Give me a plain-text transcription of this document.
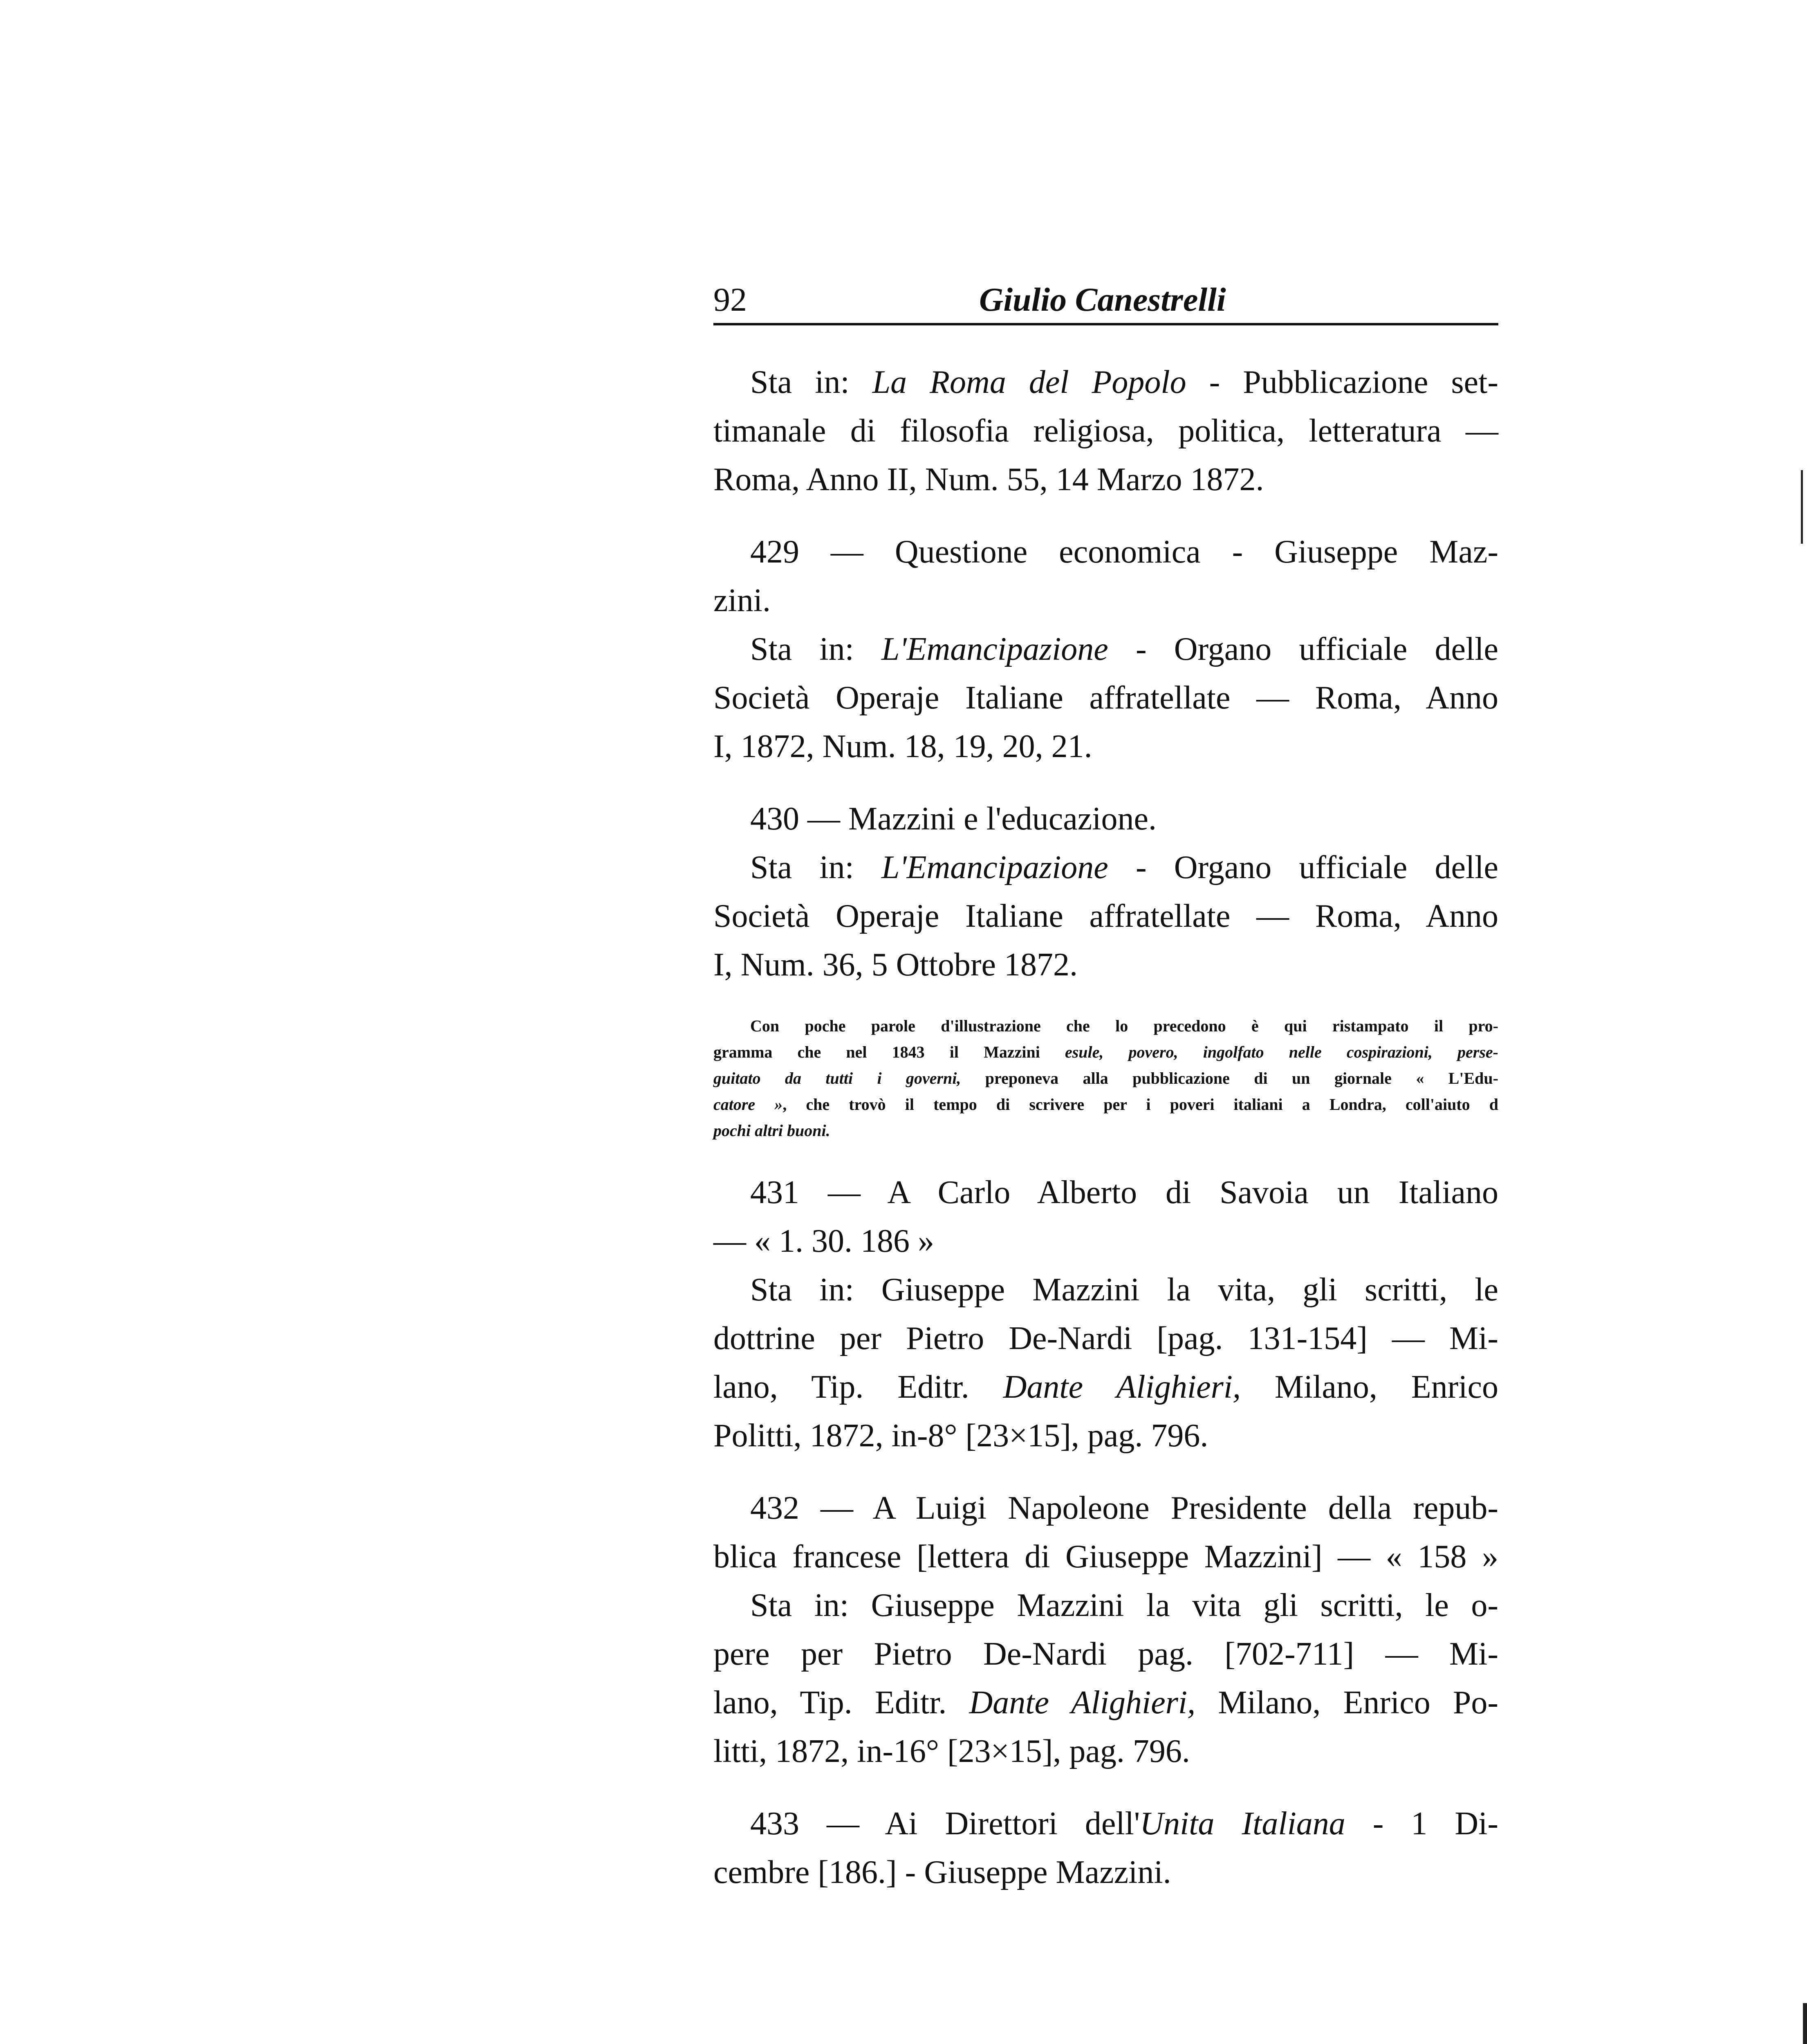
92	Giulio Canestrelli
Sta in: La Roma del Popolo - Pubblicazione set-
timanale di filosofia religiosa, politica, letteratura —
Roma, Anno II, Num. 55, 14 Marzo 1872.
429 — Questione economica - Giuseppe Maz-
zini.
Sta in: L'Emancipazione - Organo ufficiale delle
Società Operaje Italiane affratellate — Roma, Anno
I, 1872, Num. 18, 19, 20, 21.
430 — Mazzini e l'educazione.
Sta in: L'Emancipazione - Organo ufficiale delle
Società Operaje Italiane affratellate — Roma, Anno
I, Num. 36, 5 Ottobre 1872.
Con poche parole d'illustrazione che lo precedono è qui ristampato il pro-
gramma che nel 1843 il Mazzini esule, povero, ingolfato nelle cospirazioni, perse-
guitato da tutti i governi, preponeva alla pubblicazione di un giornale « L'Edu-
catore », che trovò il tempo di scrivere per i poveri italiani a Londra, coll'aiuto d
pochi altri buoni.
431 — A Carlo Alberto di Savoia un Italiano
— « 1. 30. 186 »
Sta in: Giuseppe Mazzini la vita, gli scritti, le
dottrine per Pietro De-Nardi [pag. 131-154] — Mi-
lano, Tip. Editr. Dante Alighieri, Milano, Enrico
Politti, 1872, in-8° [23×15], pag. 796.
432 — A Luigi Napoleone Presidente della repub-
blica francese [lettera di Giuseppe Mazzini] — « 158 »
Sta in: Giuseppe Mazzini la vita gli scritti, le o-
pere per Pietro De-Nardi pag. [702-711] — Mi-
lano, Tip. Editr. Dante Alighieri, Milano, Enrico Po-
litti, 1872, in-16° [23×15], pag. 796.
433 — Ai Direttori dell'Unita Italiana - 1 Di-
cembre [186.] - Giuseppe Mazzini.
